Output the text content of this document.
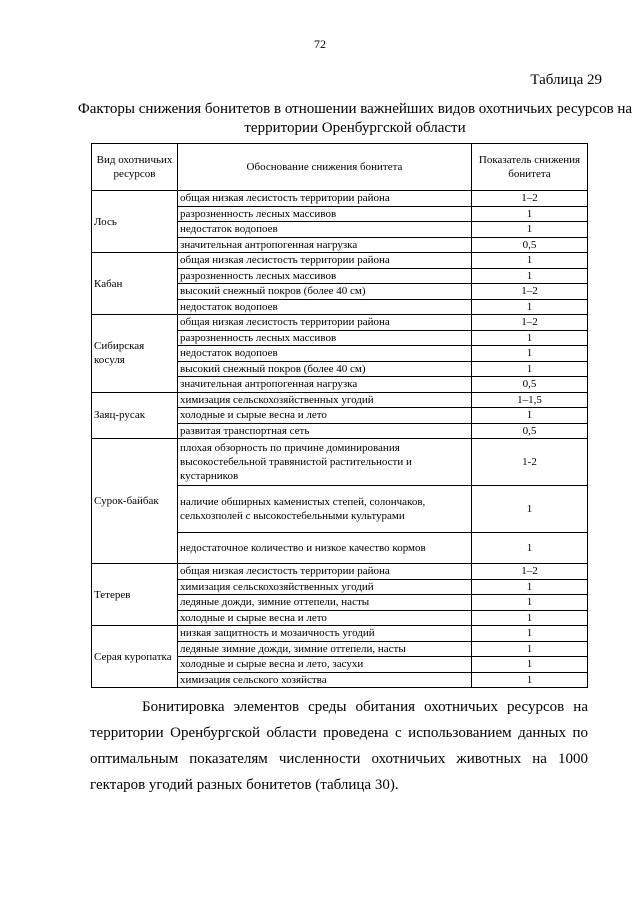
72
Таблица 29
Факторы снижения бонитетов в отношении важнейших видов охотничьих ресурсов на территории Оренбургской области
Вид охотничьих ресурсов	Обоснование снижения бонитета	Показатель снижения бонитета
Лось	общая низкая лесистость территории района	1–2
	разрозненность лесных массивов	1
	недостаток водопоев	1
	значительная антропогенная нагрузка	0,5
Кабан	общая низкая лесистость территории района	1
	разрозненность лесных массивов	1
	высокий снежный покров (более 40 см)	1–2
	недостаток водопоев	1
Сибирская косуля	общая низкая лесистость территории района	1–2
	разрозненность лесных массивов	1
	недостаток водопоев	1
	высокий снежный покров (более 40 см)	1
	значительная антропогенная нагрузка	0,5
Заяц-русак	химизация сельскохозяйственных угодий	1–1,5
	холодные и сырые весна и лето	1
	развитая транспортная сеть	0,5
Сурок-байбак	плохая обзорность по причине доминирования высокостебельной травянистой растительности и кустарников	1-2
	наличие обширных каменистых степей, солончаков, сельхозполей с высокостебельными культурами	1
	недостаточное количество и низкое качество кормов	1
Тетерев	общая низкая лесистость территории района	1–2
	химизация сельскохозяйственных угодий	1
	ледяные дожди, зимние оттепели, насты	1
	холодные и сырые весна и лето	1
Серая куропатка	низкая защитность и мозаичность угодий	1
	ледяные зимние дожди, зимние оттепели, насты	1
	холодные и сырые весна и лето, засухи	1
	химизация сельского хозяйства	1

Бонитировка элементов среды обитания охотничьих ресурсов на территории Оренбургской области проведена с использованием данных по оптимальным показателям численности охотничьих животных на 1000 гектаров угодий разных бонитетов (таблица 30).
